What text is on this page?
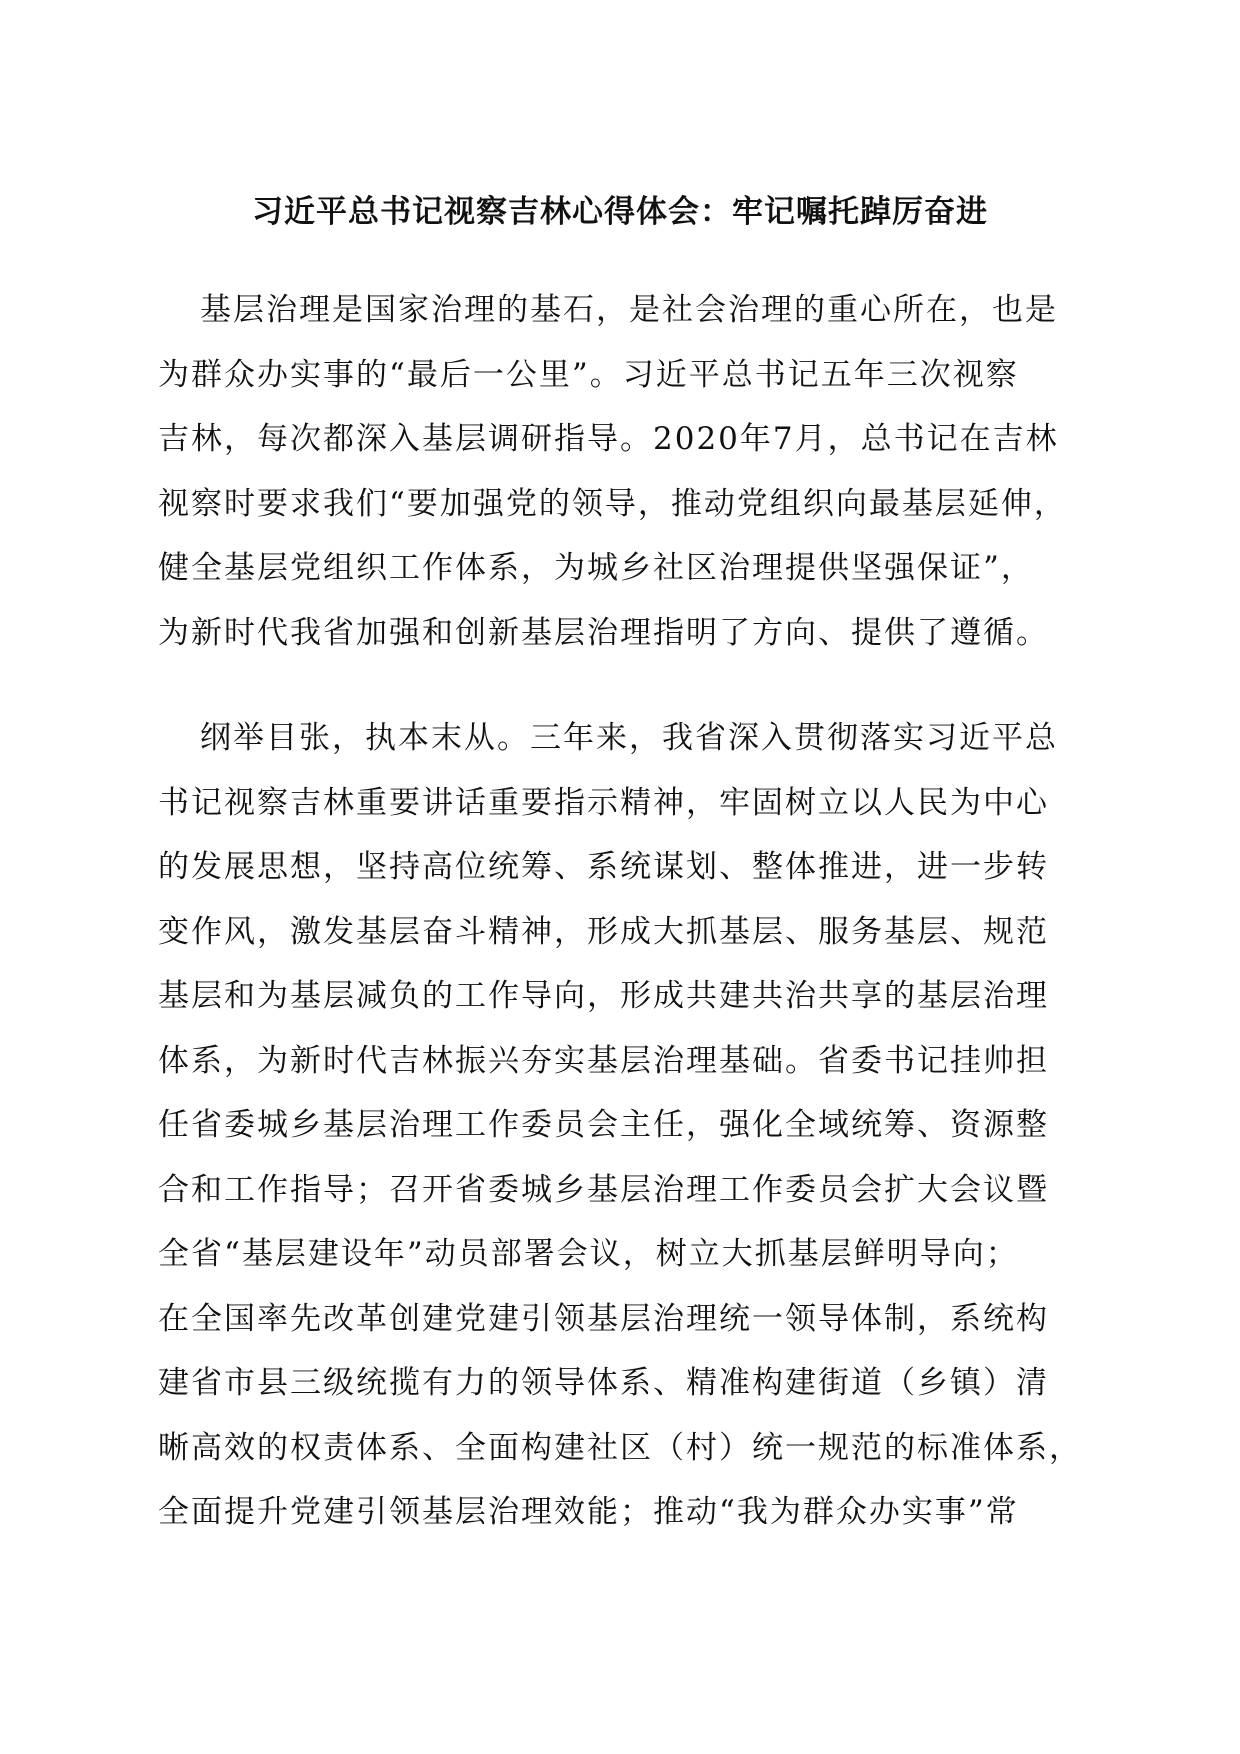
习近平总书记视察吉林心得体会：牢记嘱托踔厉奋进
基层治理是国家治理的基石，是社会治理的重心所在，也是
为群众办实事的“最后一公里”。习近平总书记五年三次视察
吉林，每次都深入基层调研指导。2020年7月，总书记在吉林
视察时要求我们“要加强党的领导，推动党组织向最基层延伸，
健全基层党组织工作体系，为城乡社区治理提供坚强保证”，
为新时代我省加强和创新基层治理指明了方向、提供了遵循。
纲举目张，执本末从。三年来，我省深入贯彻落实习近平总
书记视察吉林重要讲话重要指示精神，牢固树立以人民为中心
的发展思想，坚持高位统筹、系统谋划、整体推进，进一步转
变作风，激发基层奋斗精神，形成大抓基层、服务基层、规范
基层和为基层减负的工作导向，形成共建共治共享的基层治理
体系，为新时代吉林振兴夯实基层治理基础。省委书记挂帅担
任省委城乡基层治理工作委员会主任，强化全域统筹、资源整
合和工作指导；召开省委城乡基层治理工作委员会扩大会议暨
全省“基层建设年”动员部署会议，树立大抓基层鲜明导向；
在全国率先改革创建党建引领基层治理统一领导体制，系统构
建省市县三级统揽有力的领导体系、精准构建街道（乡镇）清
晰高效的权责体系、全面构建社区（村）统一规范的标准体系，
全面提升党建引领基层治理效能；推动“我为群众办实事”常
